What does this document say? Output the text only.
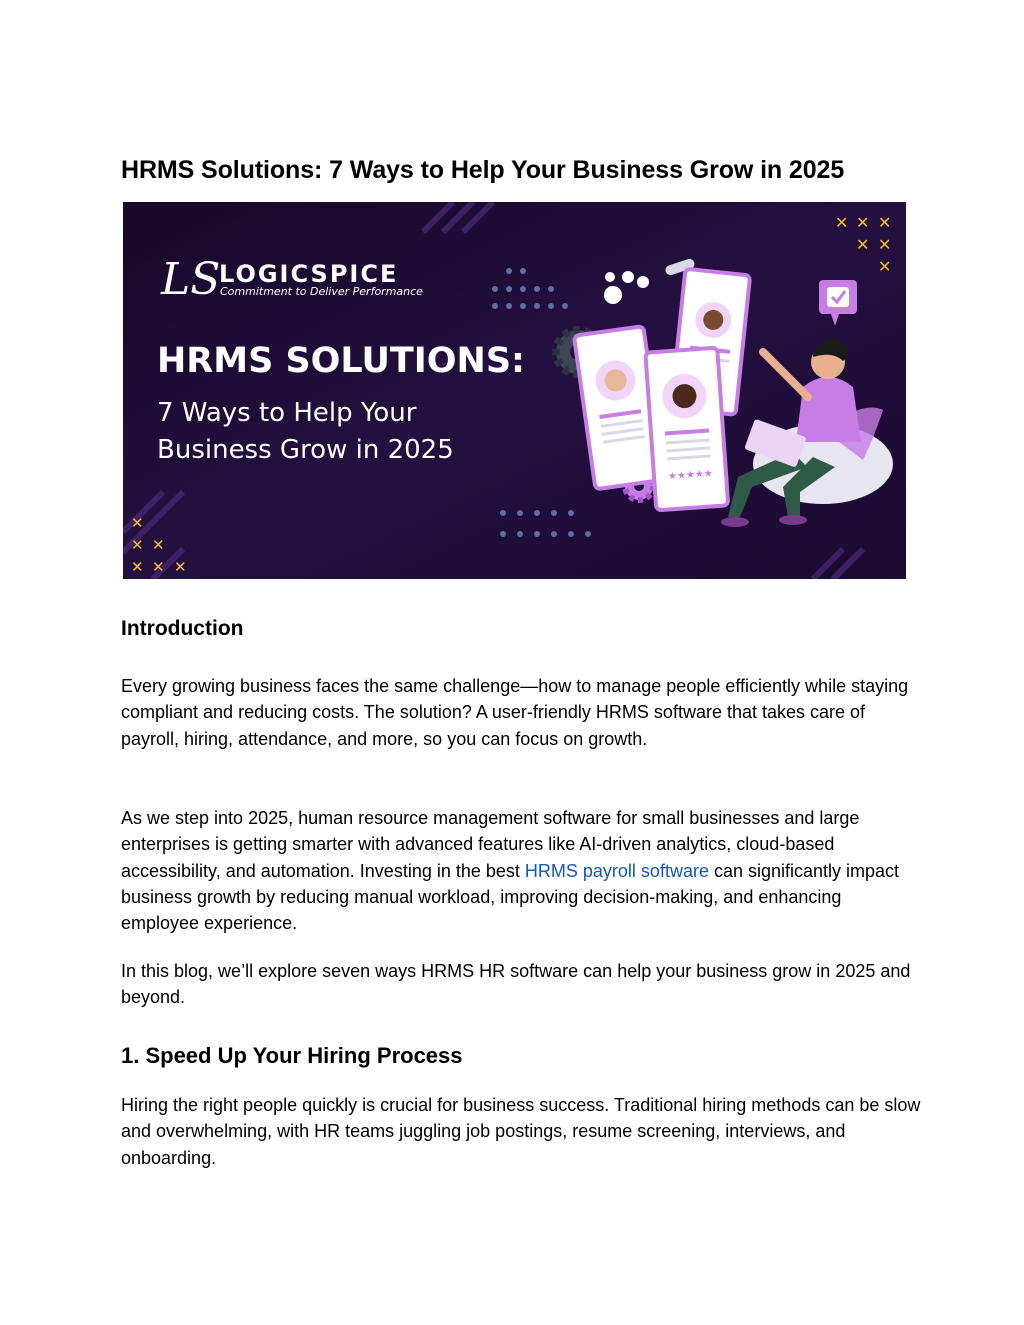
HRMS Solutions: 7 Ways to Help Your Business Grow in 2025
✕ ✕ ✕
✕ ✕
✕
✕
✕ ✕
✕ ✕ ✕
LS
LOGICSPICE
Commitment to Deliver Performance
HRMS SOLUTIONS:
7 Ways to Help Your
Business Grow in 2025
★★★★★
Introduction

Every growing business faces the same challenge—how to manage people efficiently while staying compliant and reducing costs. The solution? A user-friendly HRMS software that takes care of payroll, hiring, attendance, and more, so you can focus on growth.

As we step into 2025, human resource management software for small businesses and large enterprises is getting smarter with advanced features like AI-driven analytics, cloud-based accessibility, and automation. Investing in the best HRMS payroll software can significantly impact business growth by reducing manual workload, improving decision-making, and enhancing employee experience.

In this blog, we’ll explore seven ways HRMS HR software can help your business grow in 2025 and beyond.

1. Speed Up Your Hiring Process

Hiring the right people quickly is crucial for business success. Traditional hiring methods can be slow and overwhelming, with HR teams juggling job postings, resume screening, interviews, and onboarding.
